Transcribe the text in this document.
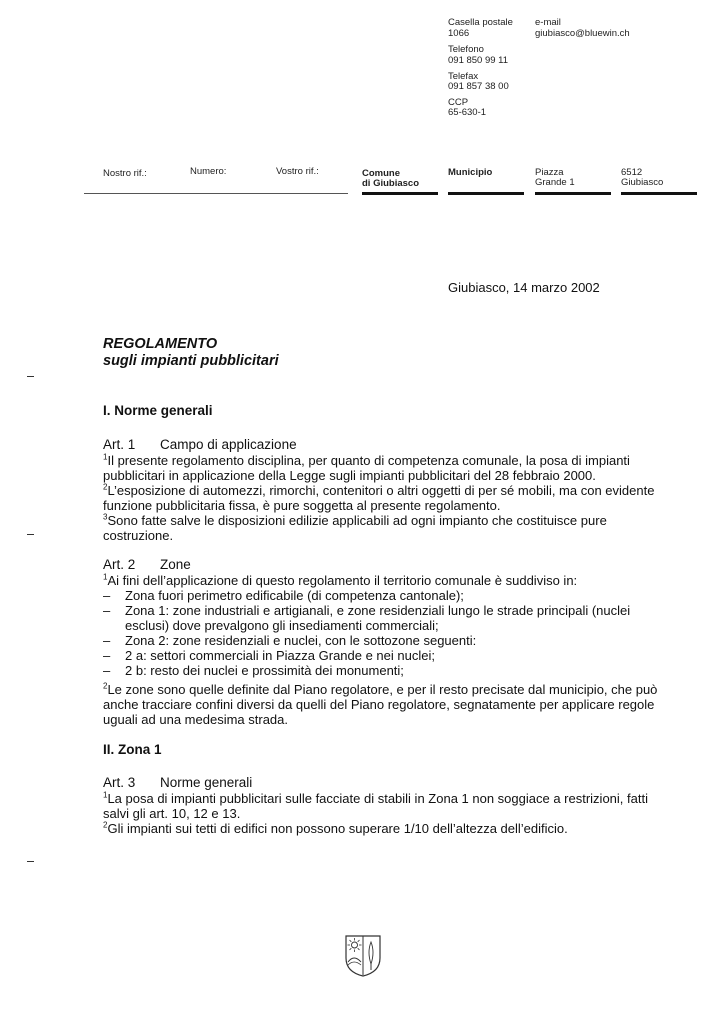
Casella postale
1066
e-mail
giubiasco@bluewin.ch
Telefono
091 850 99 11
Telefax
091 857 38 00
CCP
65-630-1
Nostro rif.:	Numero:	Vostro rif.:	Comune
di Giubiasco
Municipio	Piazza
Grande 1
6512
Giubiasco
Giubiasco, 14 marzo 2002
REGOLAMENTO
sugli impianti pubblicitari
I. Norme generali
Art. 1	Campo di applicazione
$^1$Il presente regolamento disciplina, per quanto di competenza comunale, la posa di impianti pubblicitari in applicazione della Legge sugli impianti pubblicitari del 28 febbraio 2000.
$^2$L’esposizione di automezzi, rimorchi, contenitori o altri oggetti di per sé mobili, ma con evidente funzione pubblicitaria fissa, è pure soggetta al presente regolamento.
$^3$Sono fatte salve le disposizioni edilizie applicabili ad ogni impianto che costituisce pure costruzione.
Art. 2	Zone
$^1$Ai fini dell’applicazione di questo regolamento il territorio comunale è suddiviso in:
–	Zona fuori perimetro edificabile (di competenza cantonale);
–	Zona 1: zone industriali e artigianali, e zone residenziali lungo le strade principali (nuclei esclusi) dove prevalgono gli insediamenti commerciali;
–	Zona 2: zone residenziali e nuclei, con le sottozone seguenti:
–	2 a: settori commerciali in Piazza Grande e nei nuclei;
–	2 b: resto dei nuclei e prossimità dei monumenti;
$^2$Le zone sono quelle definite dal Piano regolatore, e per il resto precisate dal municipio, che può anche tracciare confini diversi da quelli del Piano regolatore, segnatamente per applicare regole uguali ad una medesima strada.
II. Zona 1
Art. 3	Norme generali
$^1$La posa di impianti pubblicitari sulle facciate di stabili in Zona 1 non soggiace a restrizioni, fatti salvi gli art. 10, 12 e 13.
$^2$Gli impianti sui tetti di edifici non possono superare 1/10 dell’altezza dell’edificio.
